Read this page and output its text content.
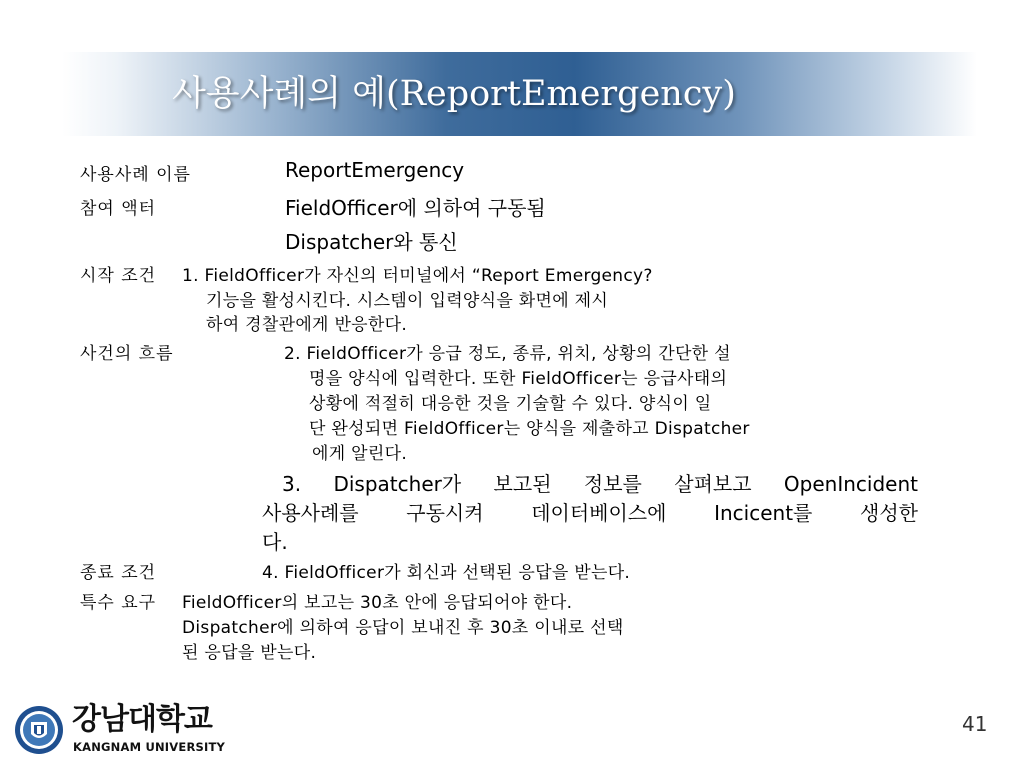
사용사례의 예(ReportEmergency)
사용사례 이름	ReportEmergency
참여 액터	FieldOfficer에 의하여 구동됨
Dispatcher와 통신
시작 조건 1. FieldOfficer가 자신의 터미널에서 “Report Emergency?
기능을 활성시킨다. 시스템이 입력양식을 화면에 제시
하여 경찰관에게 반응한다.
사건의 흐름	2. FieldOfficer가 응급 정도, 종류, 위치, 상황의 간단한 설
명을 양식에 입력한다. 또한 FieldOfficer는 응급사태의
상황에 적절히 대응한 것을 기술할 수 있다. 양식이 일
단 완성되면 FieldOfficer는 양식을 제출하고 Dispatcher
에게 알린다.
3. Dispatcher가 보고된 정보를 살펴보고 OpenIncident
사용사례를 구동시켜 데이터베이스에 Incicent를 생성한
다.
종료 조건	4. FieldOfficer가 회신과 선택된 응답을 받는다.
특수 요구 FieldOfficer의 보고는 30초 안에 응답되어야 한다.
Dispatcher에 의하여 응답이 보내진 후 30초 이내로 선택
된 응답을 받는다.
강남대학교
KANGNAM UNIVERSITY
41
